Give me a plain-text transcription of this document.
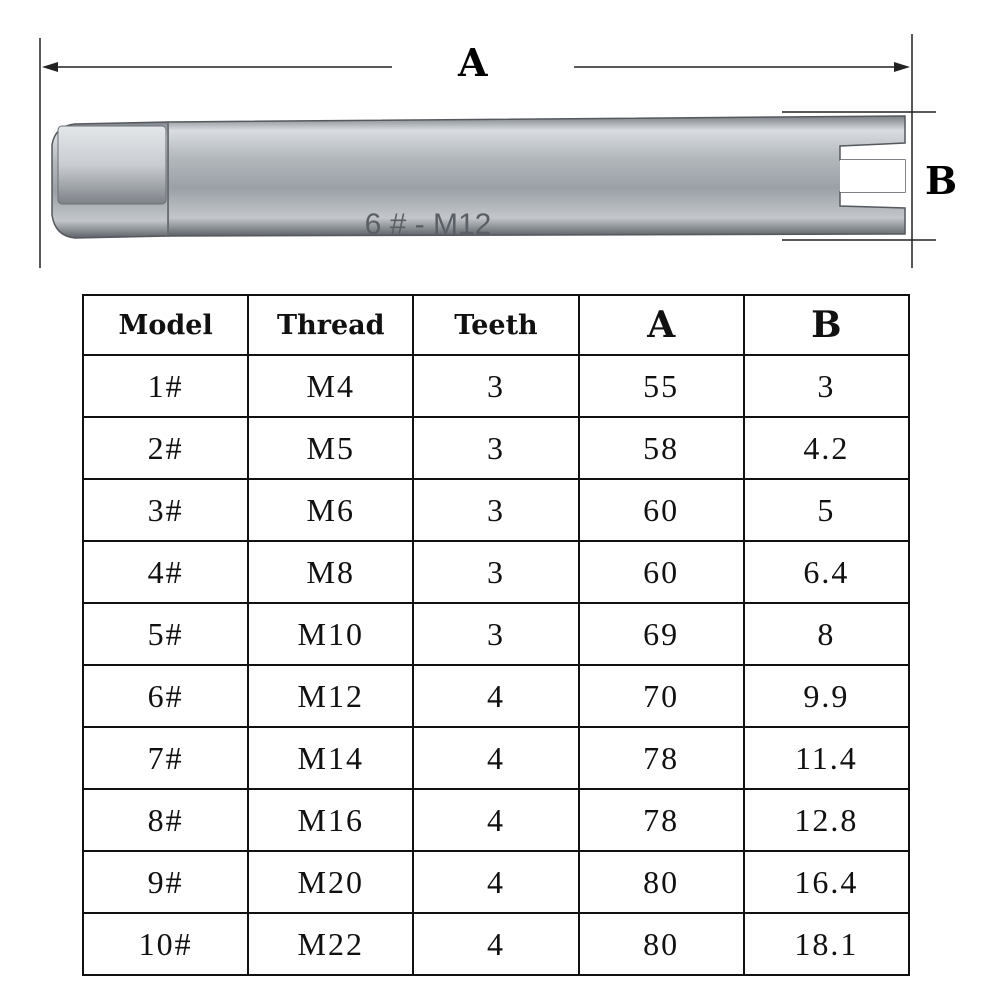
6 # - M12
A
B
Model	Thread	Teeth	A	B
1#	M4	3	55	3
2#	M5	3	58	4.2
3#	M6	3	60	5
4#	M8	3	60	6.4
5#	M10	3	69	8
6#	M12	4	70	9.9
7#	M14	4	78	11.4
8#	M16	4	78	12.8
9#	M20	4	80	16.4
10#	M22	4	80	18.1
